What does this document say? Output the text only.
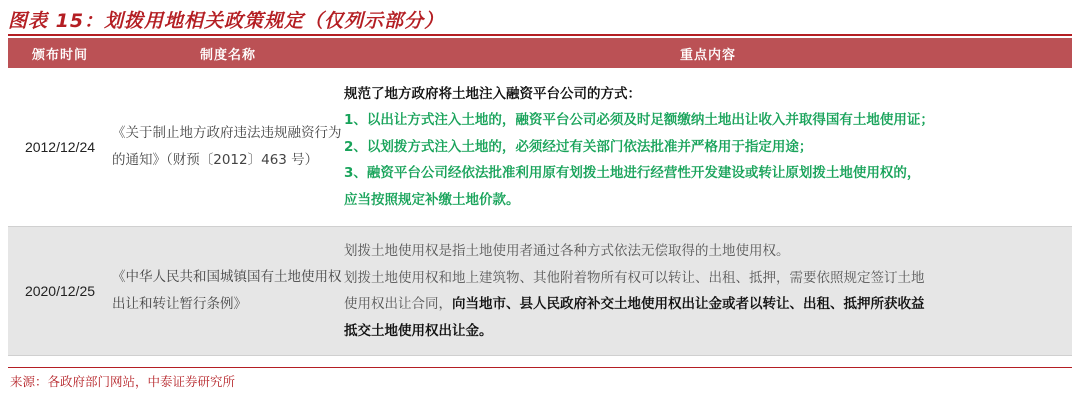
图表 15：划拨用地相关政策规定（仅列示部分）
颁布时间	制度名称	重点内容
2012/12/24	《关于制止地方政府违法违规融资行为的通知》（财预〔2012〕463 号）	规范了地方政府将土地注入融资平台公司的方式：
1、以出让方式注入土地的，融资平台公司必须及时足额缴纳土地出让收入并取得国有土地使用证；
2、以划拨方式注入土地的，必须经过有关部门依法批准并严格用于指定用途；
3、融资平台公司经依法批准利用原有划拨土地进行经营性开发建设或转让原划拨土地使用权的，
应当按照规定补缴土地价款。

2020/12/25	《中华人民共和国城镇国有土地使用权出让和转让暂行条例》	划拨土地使用权是指土地使用者通过各种方式依法无偿取得的土地使用权。
划拨土地使用权和地上建筑物、其他附着物所有权可以转让、出租、抵押，需要依照规定签订土地
使用权出让合同，向当地市、县人民政府补交土地使用权出让金或者以转让、出租、抵押所获收益
抵交土地使用权出让金。
来源：各政府部门网站，中泰证券研究所
